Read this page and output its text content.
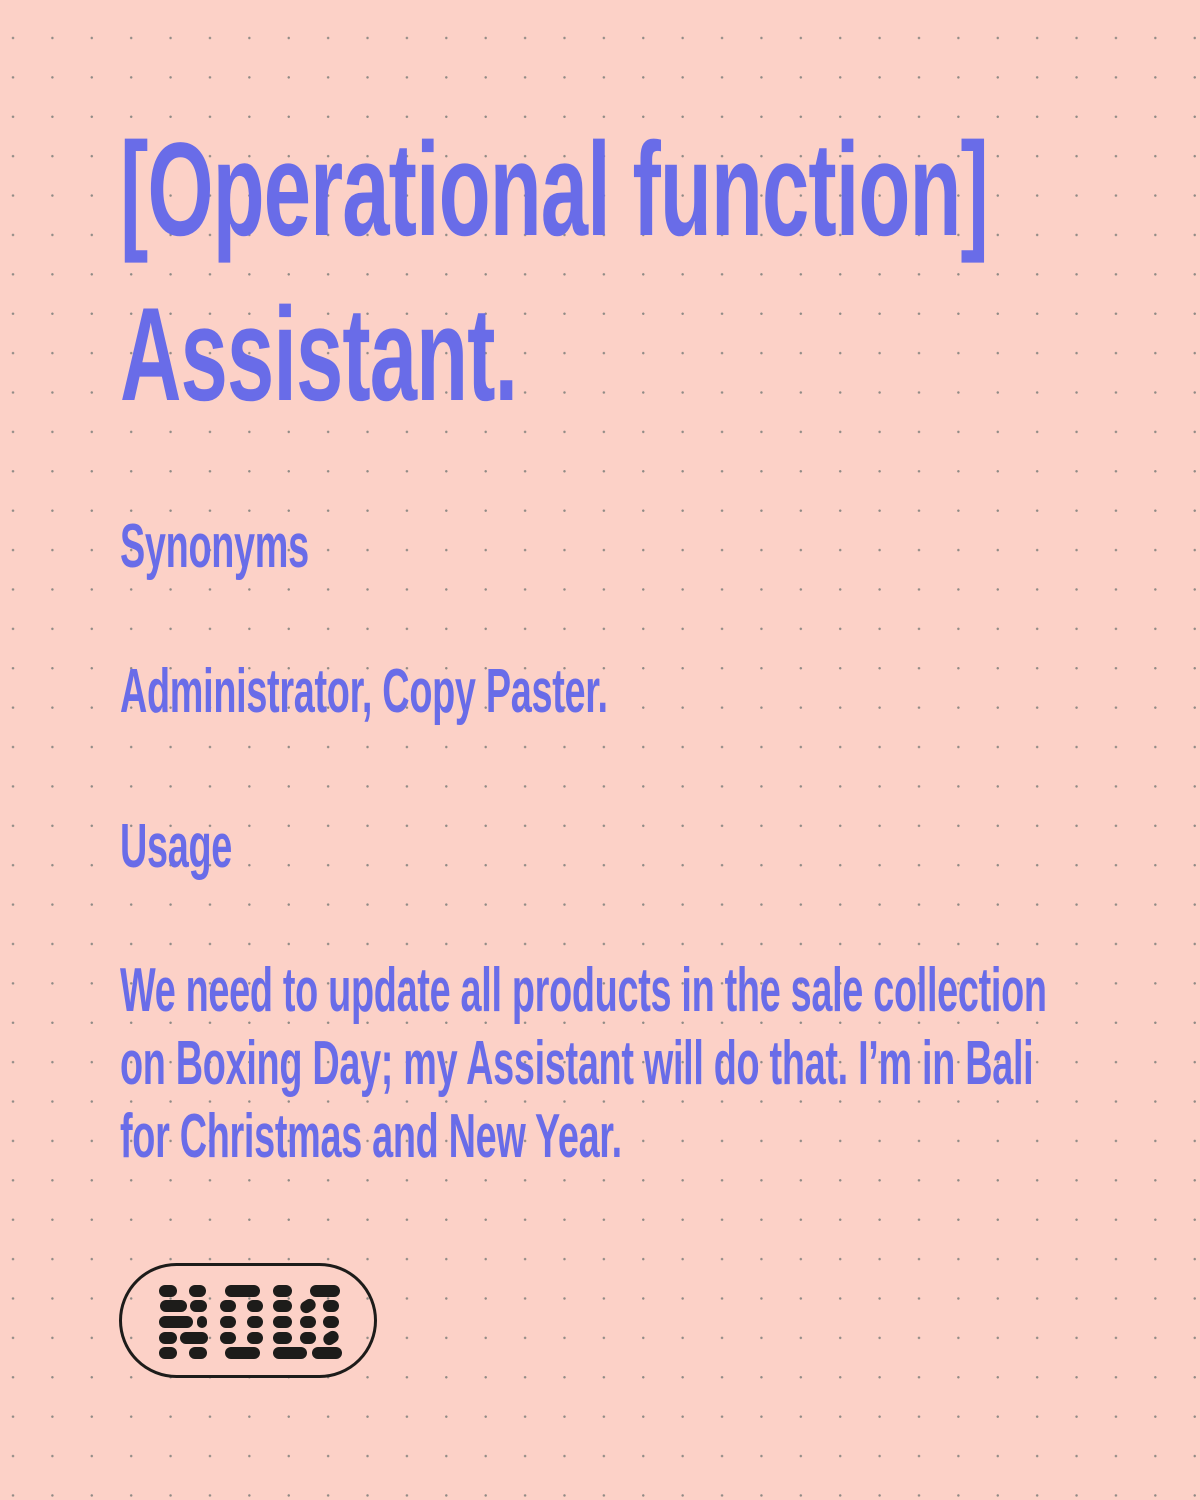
[Operational function]
Assistant.
Synonyms
Administrator, Copy Paster.
Usage
We need to update all products in the sale collection
on Boxing Day; my Assistant will do that. I’m in Bali
for Christmas and New Year.
